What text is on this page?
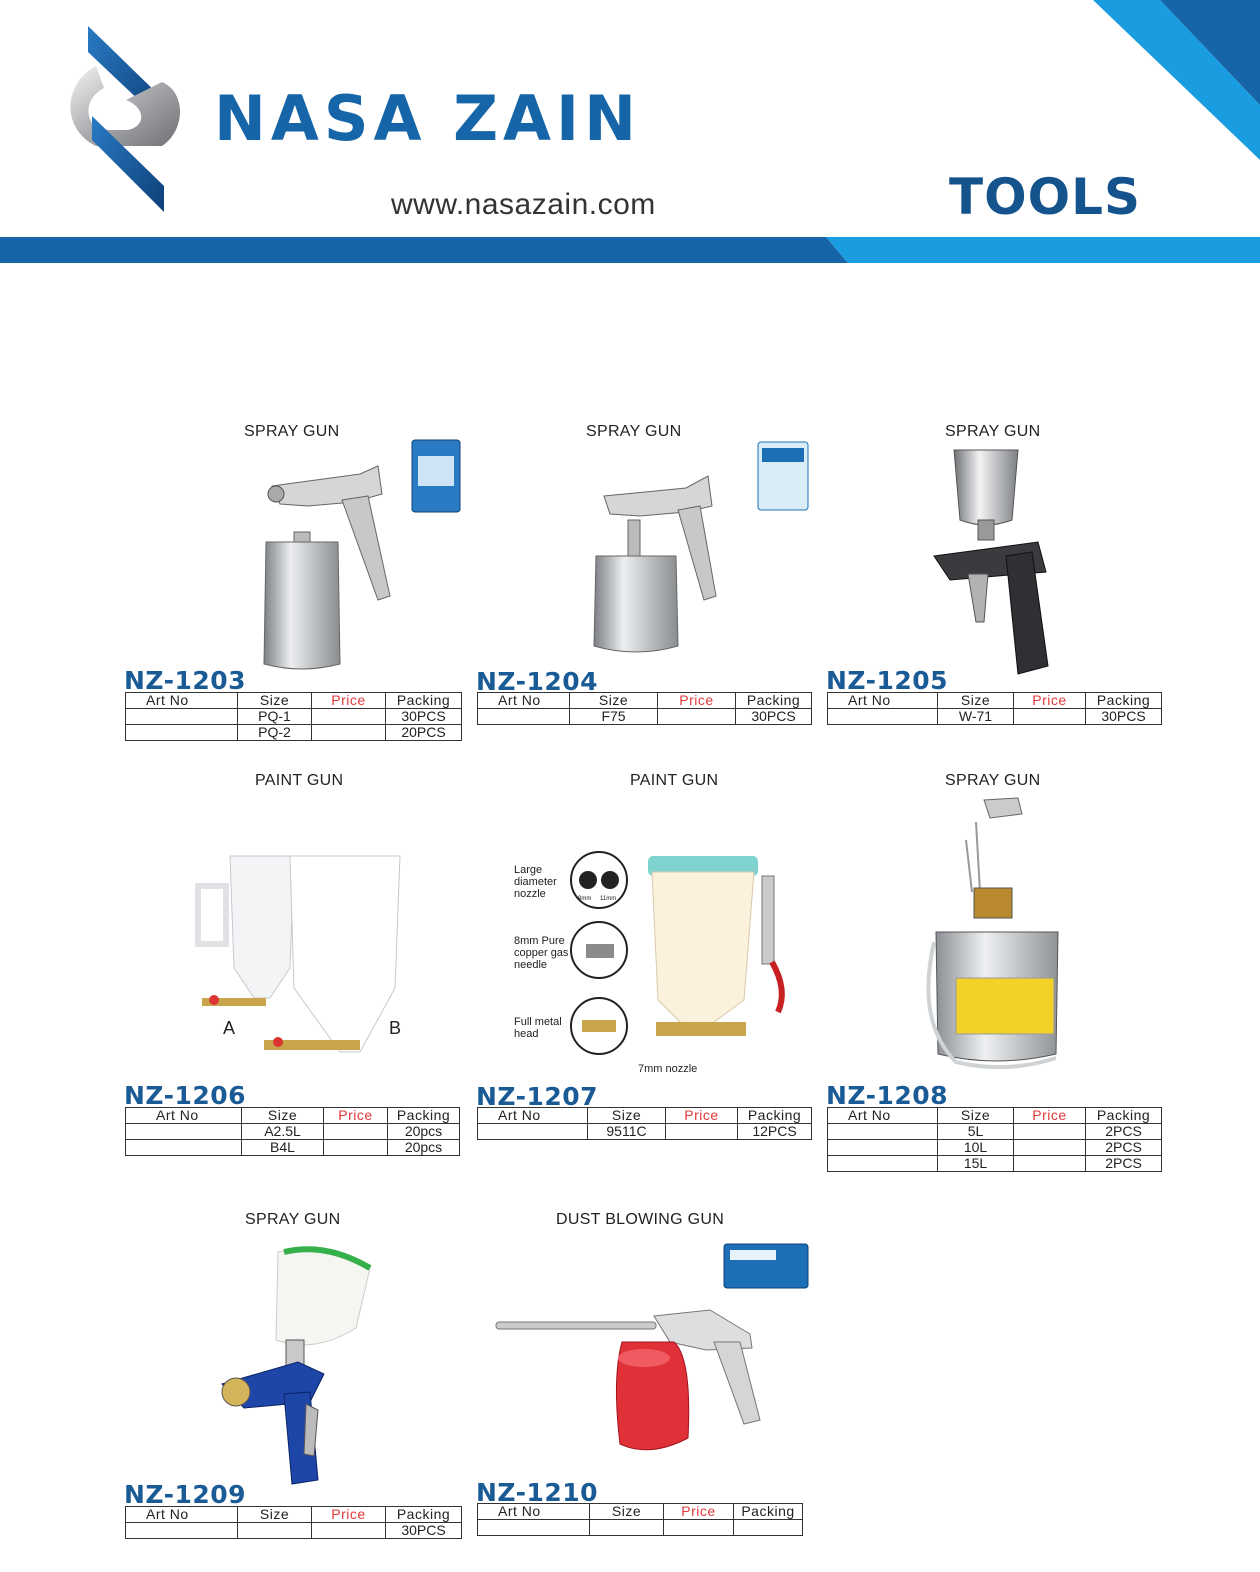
NASA ZAIN
www.nasazain.com	TOOLS
SPRAY GUN
NZ-1203
Art No	Size	Price	Packing
	PQ-1		30PCS
	PQ-2		20PCS
SPRAY GUN
NZ-1204
Art No	Size	Price	Packing
	F75		30PCS
SPRAY GUN
NZ-1205
Art No	Size	Price	Packing
	W-71		30PCS
PAINT GUN
A	B
NZ-1206
Art No	Size	Price	Packing
	A2.5L		20pcs
	B4L		20pcs
PAINT GUN
Large diameter nozzle
8mm Pure copper gas needle
Full metal head
7mm nozzle
9mm 11mm
NZ-1207
Art No	Size	Price	Packing
	9511C		12PCS
SPRAY GUN
NZ-1208
Art No	Size	Price	Packing
	5L		2PCS
	10L		2PCS
	15L		2PCS
SPRAY GUN
NZ-1209
Art No	Size	Price	Packing
			30PCS
DUST BLOWING GUN
NZ-1210
Art No	Size	Price	Packing
